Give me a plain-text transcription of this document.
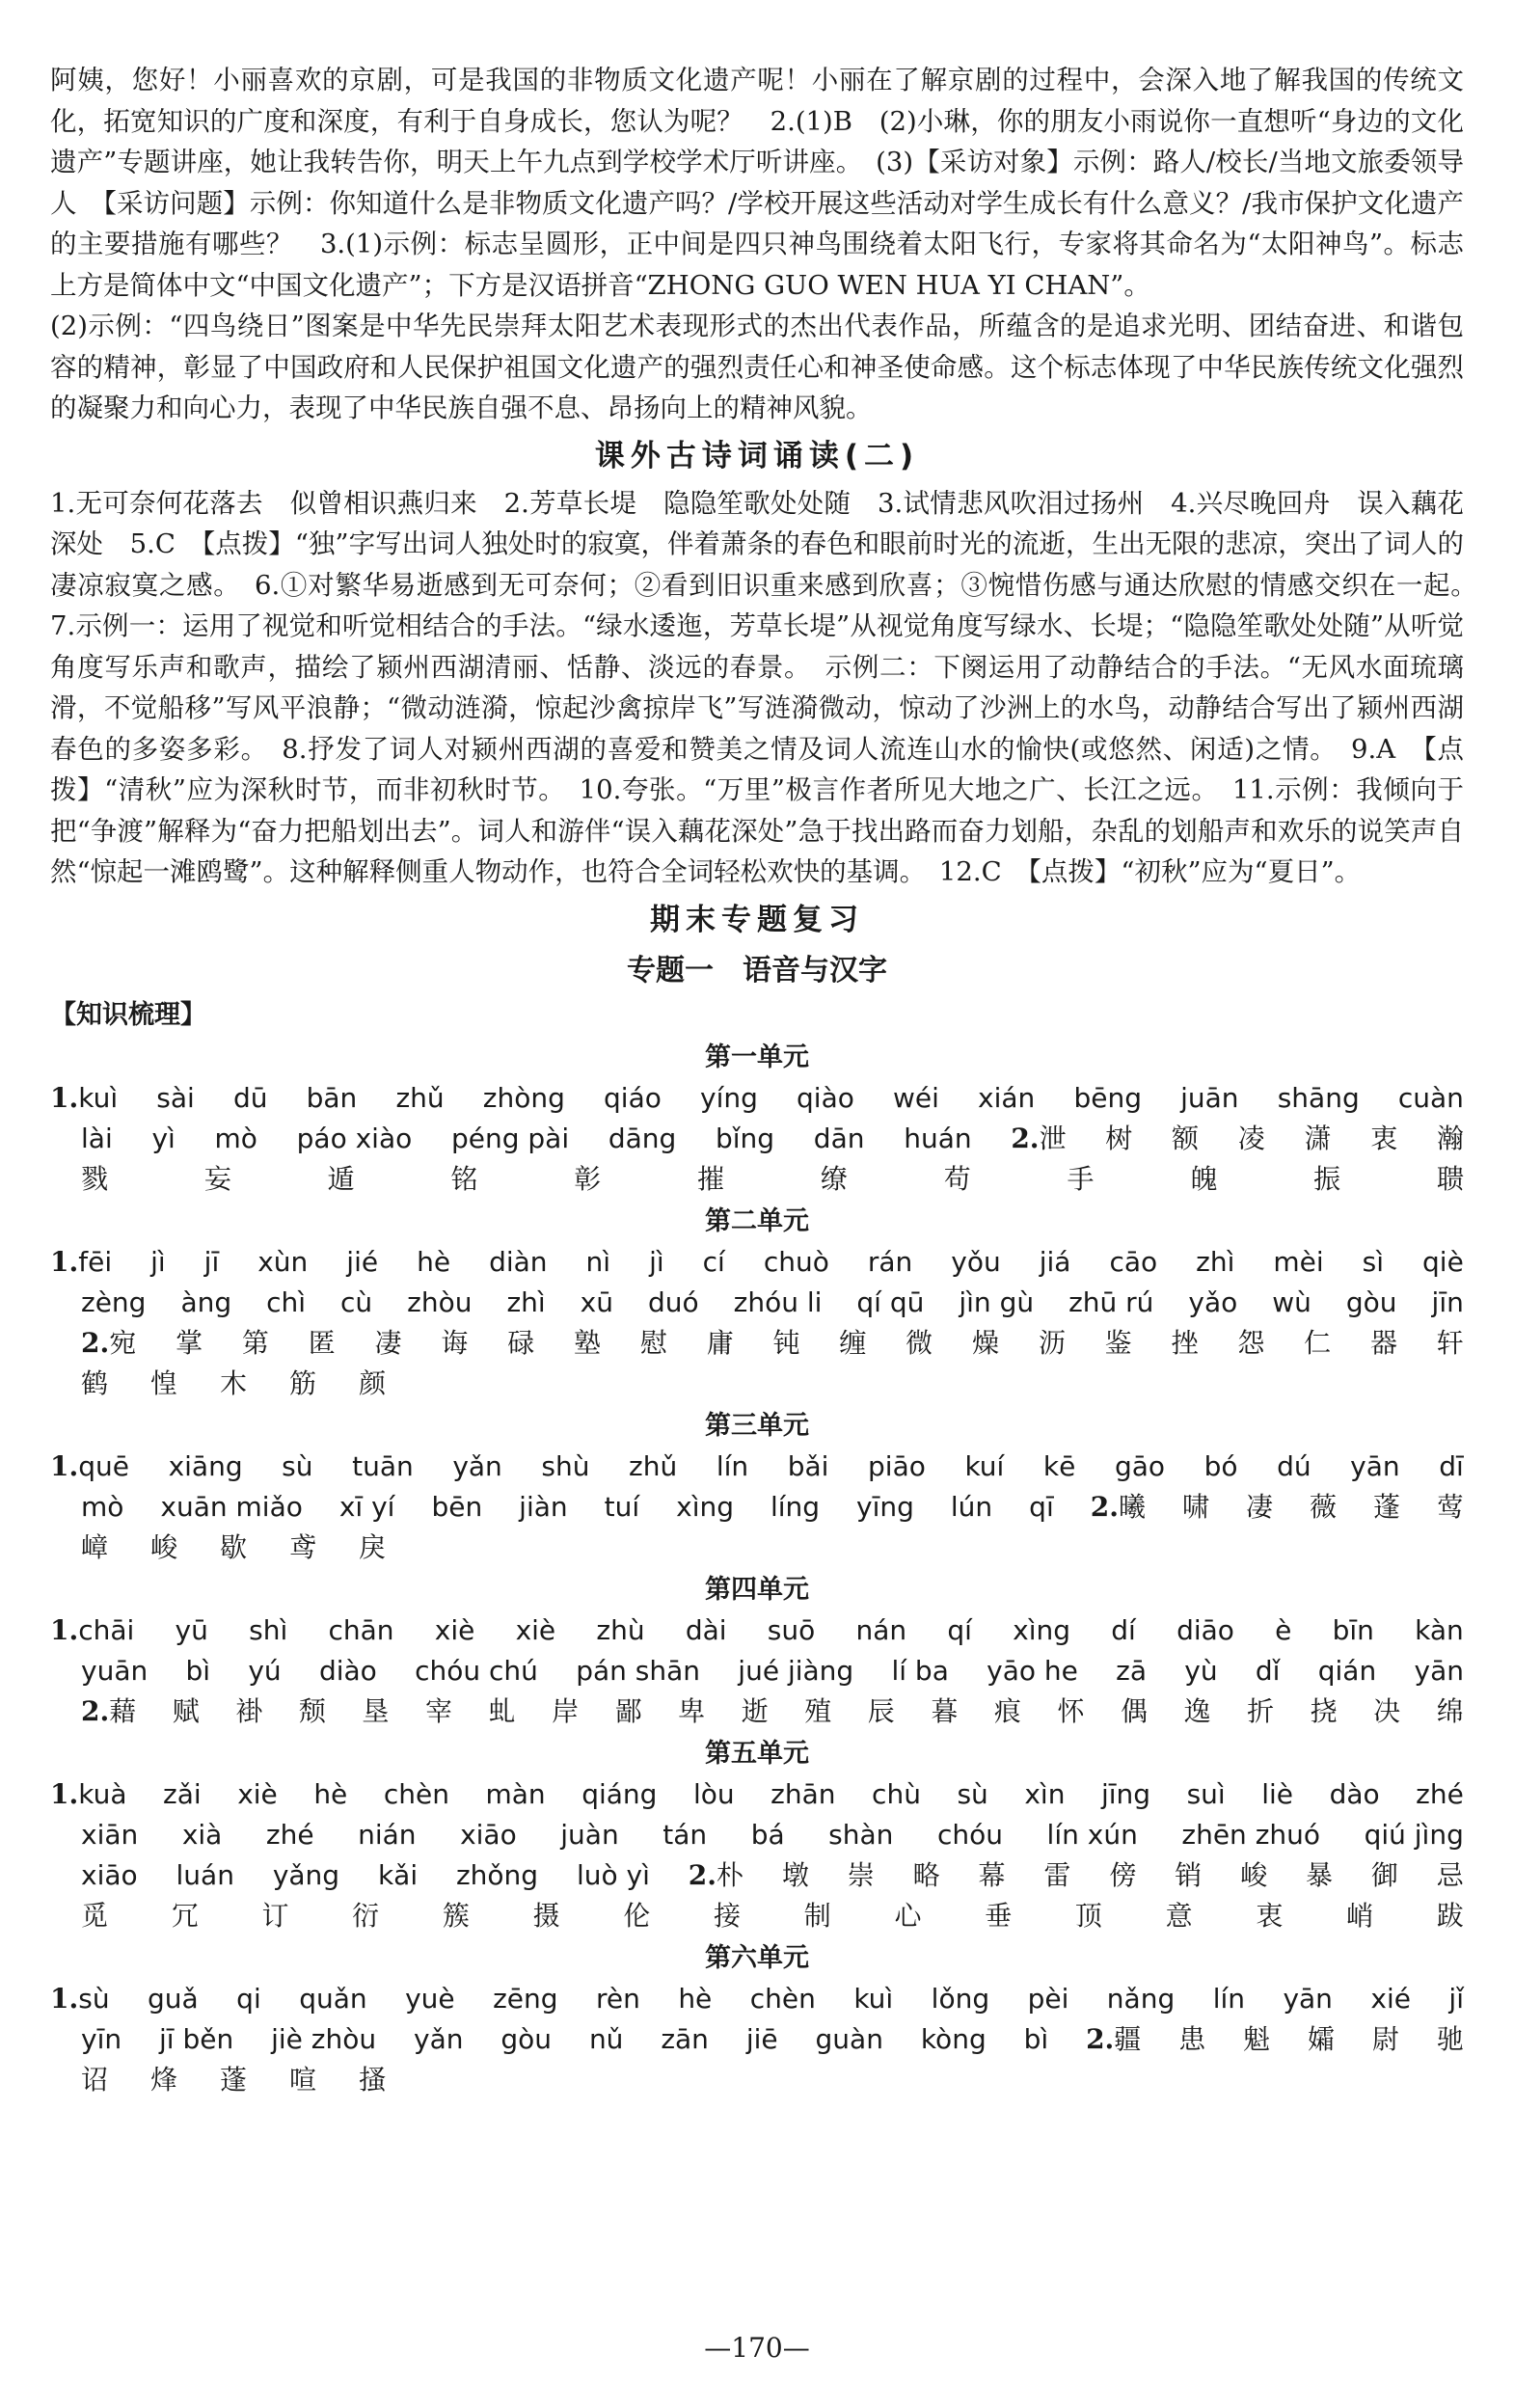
阿姨，您好！小丽喜欢的京剧，可是我国的非物质文化遗产呢！小丽在了解京剧的过程中，会深入地了解我国的传统文化，拓宽知识的广度和深度，有利于自身成长，您认为呢？　2.(1)B　(2)小琳，你的朋友小雨说你一直想听“身边的文化遗产”专题讲座，她让我转告你，明天上午九点到学校学术厅听讲座。　(3)【采访对象】示例：路人/校长/当地文旅委领导人　【采访问题】示例：你知道什么是非物质文化遗产吗？/学校开展这些活动对学生成长有什么意义？/我市保护文化遗产的主要措施有哪些？　3.(1)示例：标志呈圆形，正中间是四只神鸟围绕着太阳飞行，专家将其命名为“太阳神鸟”。标志上方是简体中文“中国文化遗产”；下方是汉语拼音“ZHONG GUO WEN HUA YI CHAN”。

(2)示例：“四鸟绕日”图案是中华先民崇拜太阳艺术表现形式的杰出代表作品，所蕴含的是追求光明、团结奋进、和谐包容的精神，彰显了中国政府和人民保护祖国文化遗产的强烈责任心和神圣使命感。这个标志体现了中华民族传统文化强烈的凝聚力和向心力，表现了中华民族自强不息、昂扬向上的精神风貌。

课外古诗词诵读(二)

1.无可奈何花落去　似曾相识燕归来　2.芳草长堤　隐隐笙歌处处随　3.试情悲风吹泪过扬州　4.兴尽晚回舟　误入藕花深处　5.C　【点拨】“独”字写出词人独处时的寂寞，伴着萧条的春色和眼前时光的流逝，生出无限的悲凉，突出了词人的凄凉寂寞之感。　6.①对繁华易逝感到无可奈何；②看到旧识重来感到欣喜；③惋惜伤感与通达欣慰的情感交织在一起。　7.示例一：运用了视觉和听觉相结合的手法。“绿水逶迤，芳草长堤”从视觉角度写绿水、长堤；“隐隐笙歌处处随”从听觉角度写乐声和歌声，描绘了颍州西湖清丽、恬静、淡远的春景。　示例二：下阕运用了动静结合的手法。“无风水面琉璃滑，不觉船移”写风平浪静；“微动涟漪，惊起沙禽掠岸飞”写涟漪微动，惊动了沙洲上的水鸟，动静结合写出了颍州西湖春色的多姿多彩。　8.抒发了词人对颍州西湖的喜爱和赞美之情及词人流连山水的愉快(或悠然、闲适)之情。　9.A　【点拨】“清秋”应为深秋时节，而非初秋时节。　10.夸张。“万里”极言作者所见大地之广、长江之远。　11.示例：我倾向于把“争渡”解释为“奋力把船划出去”。词人和游伴“误入藕花深处”急于找出路而奋力划船，杂乱的划船声和欢乐的说笑声自然“惊起一滩鸥鹭”。这种解释侧重人物动作，也符合全词轻松欢快的基调。　12.C　【点拨】“初秋”应为“夏日”。

期末专题复习

专题一　语音与汉字

【知识梳理】

第一单元
1.kuì sài dū bān zhǔ zhòng qiáo yíng qiào wéi xián bēng juān shāng cuàn
lài yì mò páo xiào péng pài dāng bǐng dān huán 2.泄 树 额 凌 潇 衷 瀚
戮	妄	遁	铭	彰	摧	缭	苟	手	魄	振	聩
第二单元
1.fēi jì jī xùn jié hè diàn nì jì cí chuò rán yǒu jiá cāo zhì mèi sì qiè
zèng àng chì cù zhòu zhì xū duó zhóu li qí qū jìn gù zhū rú yǎo wù gòu jīn
2.宛 掌 第 匿 凄 诲 碌 塾 慰 庸 钝 缠 微 燥 沥 鉴 挫 怨 仁 器 轩
鹤 惶 木 筋 颜
第三单元
1.quē xiāng sù tuān yǎn shù zhǔ lín bǎi piāo kuí kē gāo bó dú yān dī
mò xuān miǎo xī yí bēn jiàn tuí xìng líng yīng lún qī 2.曦 啸 凄 薇 蓬 莺
嶂 峻 歇 鸢 戾
第四单元
1.chāi yū shì chān xiè xiè zhù dài suō nán qí xìng dí diāo è bīn kàn
yuān bì yú diào chóu chú pán shān jué jiàng lí ba yāo he zā yù dǐ qián yān
2.藉 赋 褂 颓 垦 宰 虬 岸 鄙 卑 逝 殖 辰 暮 痕 怀 偶 逸 折 挠 决 绵
第五单元
1.kuà zǎi xiè hè chèn màn qiáng lòu zhān chù sù xìn jīng suì liè dào zhé
xiān xià zhé nián xiāo juàn tán bá shàn chóu lín xún zhēn zhuó qiú jìng
xiāo luán yǎng kǎi zhǒng luò yì 2.朴 墩 崇 略 幕 雷 傍 销 峻 暴 御 忌
觅 冗 订 衍 簇 摄 伦 接 制 心 垂 顶 意 衷 峭 跋
第六单元
1.sù guǎ qi quǎn yuè zēng rèn hè chèn kuì lǒng pèi nǎng lín yān xié jǐ
yīn jī běn jiè zhòu yǎn gòu nǔ zān jiē guàn kòng bì 2.疆 患 魁 孀 尉 驰
诏 烽 蓬 喧 搔
—170—
